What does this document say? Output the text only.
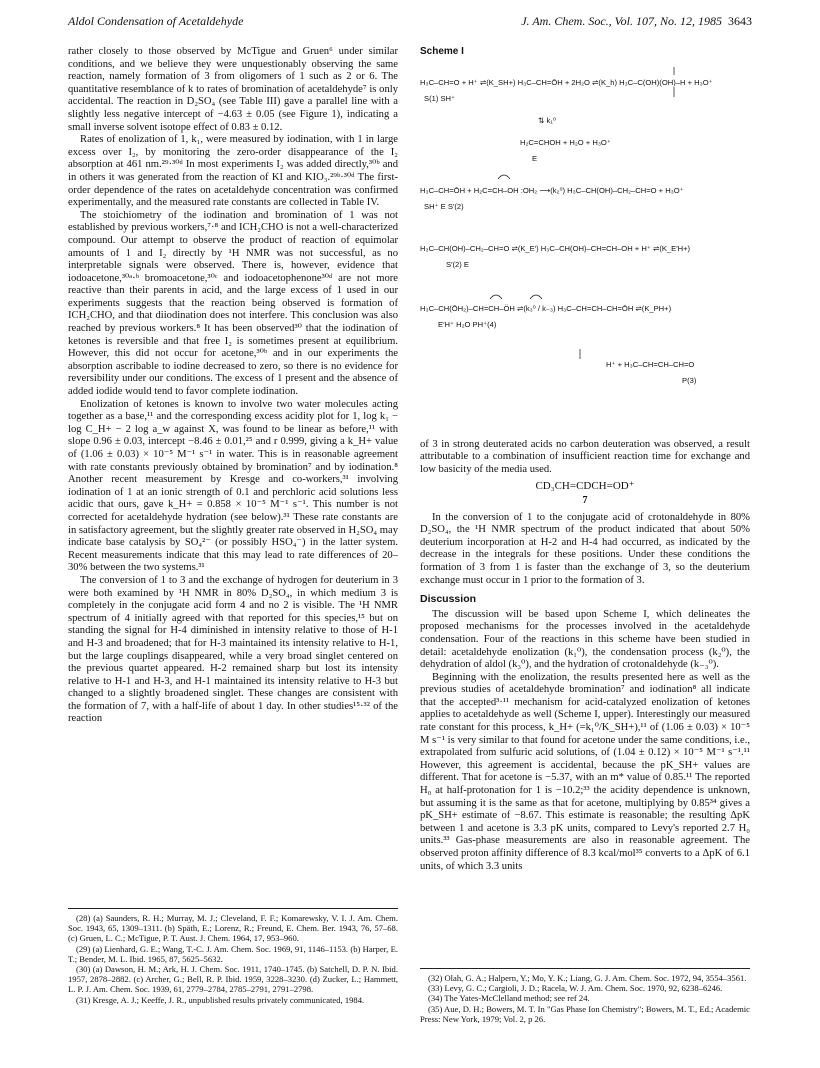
Aldol Condensation of Acetaldehyde	J. Am. Chem. Soc., Vol. 107, No. 12, 1985 3643

rather closely to those observed by McTigue and Gruen⁶ under similar conditions, and we believe they were unquestionably observing the same reaction, namely formation of 3 from oligomers of 1 such as 2 or 6. The quantitative resemblance of k to rates of bromination of acetaldehyde⁷ is only accidental. The reaction in D₂SO₄ (see Table III) gave a parallel line with a slightly less negative intercept of −4.63 ± 0.05 (see Figure 1), indicating a small inverse solvent isotope effect of 0.83 ± 0.12.

Rates of enolization of 1, k₁, were measured by iodination, with 1 in large excess over I₂, by monitoring the zero-order disappearance of the I₂ absorption at 461 nm.²⁹·³⁰ᵈ In most experiments I₂ was added directly,³⁰ᵇ and in others it was generated from the reaction of KI and KIO₃.²⁹ᵇ·³⁰ᵈ The first-order dependence of the rates on acetaldehyde concentration was confirmed experimentally, and the measured rate constants are collected in Table IV.

The stoichiometry of the iodination and bromination of 1 was not established by previous workers,⁷·⁸ and ICH₂CHO is not a well-characterized compound. Our attempt to observe the product of reaction of equimolar amounts of 1 and I₂ directly by ¹H NMR was not successful, as no interpretable signals were observed. There is, however, evidence that iodoacetone,³⁰ᵃ·ᵇ bromoacetone,³⁰ᶜ and iodoacetophenone³⁰ᵈ are not more reactive than their parents in acid, and the large excess of 1 used in our experiments suggests that the reaction being observed is formation of ICH₂CHO, and that diiodination does not interfere. This conclusion was also reached by previous workers.⁸ It has been observed³⁰ that the iodination of ketones is reversible and that free I₂ is sometimes present at equilibrium. However, this did not occur for acetone,³⁰ᵇ and in our experiments the absorption ascribable to iodine decreased to zero, so there is no evidence for reversibility under our conditions. The excess of 1 present and the absence of added iodide would tend to favor complete iodination.

Enolization of ketones is known to involve two water molecules acting together as a base,¹¹ and the corresponding excess acidity plot for 1, log k₁ − log C_H+ − 2 log a_w against X, was found to be linear as before,¹¹ with slope 0.96 ± 0.03, intercept −8.46 ± 0.01,²⁵ and r 0.999, giving a k_H+ value of (1.06 ± 0.03) × 10⁻⁵ M⁻¹ s⁻¹ in water. This is in reasonable agreement with rate constants previously obtained by bromination⁷ and by iodination.⁸ Another recent measurement by Kresge and co-workers,³¹ involving iodination of 1 at an ionic strength of 0.1 and perchloric acid solutions less acidic that ours, gave k_H+ = 0.858 × 10⁻⁵ M⁻¹ s⁻¹. This number is not corrected for acetaldehyde hydration (see below).³¹ These rate constants are in satisfactory agreement, but the slightly greater rate observed in H₂SO₄ may indicate base catalysis by SO₄²⁻ (or possibly HSO₄⁻) in the latter system. Recent measurements indicate that this may lead to rate differences of 20–30% between the two systems.³¹

The conversion of 1 to 3 and the exchange of hydrogen for deuterium in 3 were both examined by ¹H NMR in 80% D₂SO₄, in which medium 3 is completely in the conjugate acid form 4 and no 2 is visible. The ¹H NMR spectrum of 4 initially agreed with that reported for this species,¹⁵ but on standing the signal for H-4 diminished in intensity relative to those of H-1 and H-3 and broadened; that for H-3 maintained its intensity relative to H-1, but the large couplings disappeared, while a very broad singlet centered on the previous quartet appeared. H-2 remained sharp but lost its intensity relative to H-1 and H-3, and H-1 maintained its intensity relative to H-3 but changed to a slightly broadened singlet. These changes are consistent with the formation of 7, with a half-life of about 1 day. In other studies¹⁵·³² of the reaction

Scheme I
H₃C–CH=O + H⁺ ⇌(K_SH+) H₃C–CH=ŌH + 2H₂O ⇌(K_h) H₃C–C(OH)(OH)–H + H₃O⁺
S(1) SH⁺
⇅ k₁⁰
H₂C=CHOH + H₂O + H₃O⁺
E
H₃C–CH=ŌH + H₂C=CH–OH :OH₂ ⟶(k₂⁰) H₃C–CH(OH)–CH₂–CH=O + H₃O⁺
SH⁺ E S′(2)
H₃C–CH(OH)–CH₂–CH=O ⇌(K_E′) H₃C–CH(OH)–CH=CH–OH + H⁺ ⇌(K_E′H+)
S′(2) E
H₃C–CH(ŌH₂)–CH=CH–ÖH ⇌(k₃⁰ / k₋₃) H₃C–CH=CH–CH=ŌH ⇌(K_PH+)
E′H⁺ H₂O PH⁺(4)
H⁺ + H₃C–CH=CH–CH=O
P(3)

of 3 in strong deuterated acids no carbon deuteration was observed, a result attributable to a combination of insufficient reaction time for exchange and low basicity of the media used.

CD₃CH=CDCH=OD⁺
7

In the conversion of 1 to the conjugate acid of crotonaldehyde in 80% D₂SO₄, the ¹H NMR spectrum of the product indicated that about 50% deuterium incorporation at H-2 and H-4 had occurred, as indicated by the decrease in the integrals for these positions. Under these conditions the formation of 3 from 1 is faster than the exchange of 3, so the deuterium exchange must occur in 1 prior to the formation of 3.

Discussion

The discussion will be based upon Scheme I, which delineates the proposed mechanisms for the processes involved in the acetaldehyde condensation. Four of the reactions in this scheme have been studied in detail: acetaldehyde enolization (k₁⁰), the condensation process (k₂⁰), the dehydration of aldol (k₃⁰), and the hydration of crotonaldehyde (k₋₃⁰).

Beginning with the enolization, the results presented here as well as the previous studies of acetaldehyde bromination⁷ and iodination⁸ all indicate that the accepted³·¹¹ mechanism for acid-catalyzed enolization of ketones applies to acetaldehyde as well (Scheme I, upper). Interestingly our measured rate constant for this process, k_H+ (=k₁⁰/K_SH+),¹¹ of (1.06 ± 0.03) × 10⁻⁵ M s⁻¹ is very similar to that found for acetone under the same conditions, i.e., extrapolated from sulfuric acid solutions, of (1.04 ± 0.12) × 10⁻⁵ M⁻¹ s⁻¹.¹¹ However, this agreement is accidental, because the pK_SH+ values are different. That for acetone is −5.37, with an m* value of 0.85.¹¹ The reported H₀ at half-protonation for 1 is −10.2;³³ the acidity dependence is unknown, but assuming it is the same as that for acetone, multiplying by 0.85³⁴ gives a pK_SH+ estimate of −8.67. This estimate is reasonable; the resulting ΔpK between 1 and acetone is 3.3 pK units, compared to Levy's reported 2.7 H₀ units.³³ Gas-phase measurements are also in reasonable agreement. The observed proton affinity difference of 8.3 kcal/mol³⁵ converts to a ΔpK of 6.1 units, of which 3.3 units

(28) (a) Saunders, R. H.; Murray, M. J.; Cleveland, F. F.; Komarewsky, V. I. J. Am. Chem. Soc. 1943, 65, 1309–1311. (b) Späth, E.; Lorenz, R.; Freund, E. Chem. Ber. 1943, 76, 57–68. (c) Gruen, L. C.; McTigue, P. T. Aust. J. Chem. 1964, 17, 953–960.
(29) (a) Lienhard, G. E.; Wang, T.-C. J. Am. Chem. Soc. 1969, 91, 1146–1153. (b) Harper, E. T.; Bender, M. L. Ibid. 1965, 87, 5625–5632.
(30) (a) Dawson, H. M.; Ark, H. J. Chem. Soc. 1911, 1740–1745. (b) Satchell, D. P. N. Ibid. 1957, 2878–2882. (c) Archer, G.; Bell, R. P. Ibid. 1959, 3228–3230. (d) Zucker, L.; Hammett, L. P. J. Am. Chem. Soc. 1939, 61, 2779–2784, 2785–2791, 2791–2798.
(31) Kresge, A. J.; Keeffe, J. R., unpublished results privately communicated, 1984.
(32) Olah, G. A.; Halpern, Y.; Mo, Y. K.; Liang, G. J. Am. Chem. Soc. 1972, 94, 3554–3561.
(33) Levy, G. C.; Cargioli, J. D.; Racela, W. J. Am. Chem. Soc. 1970, 92, 6238–6246.
(34) The Yates-McClelland method; see ref 24.
(35) Aue, D. H.; Bowers, M. T. In "Gas Phase Ion Chemistry"; Bowers, M. T., Ed.; Academic Press: New York, 1979; Vol. 2, p 26.
